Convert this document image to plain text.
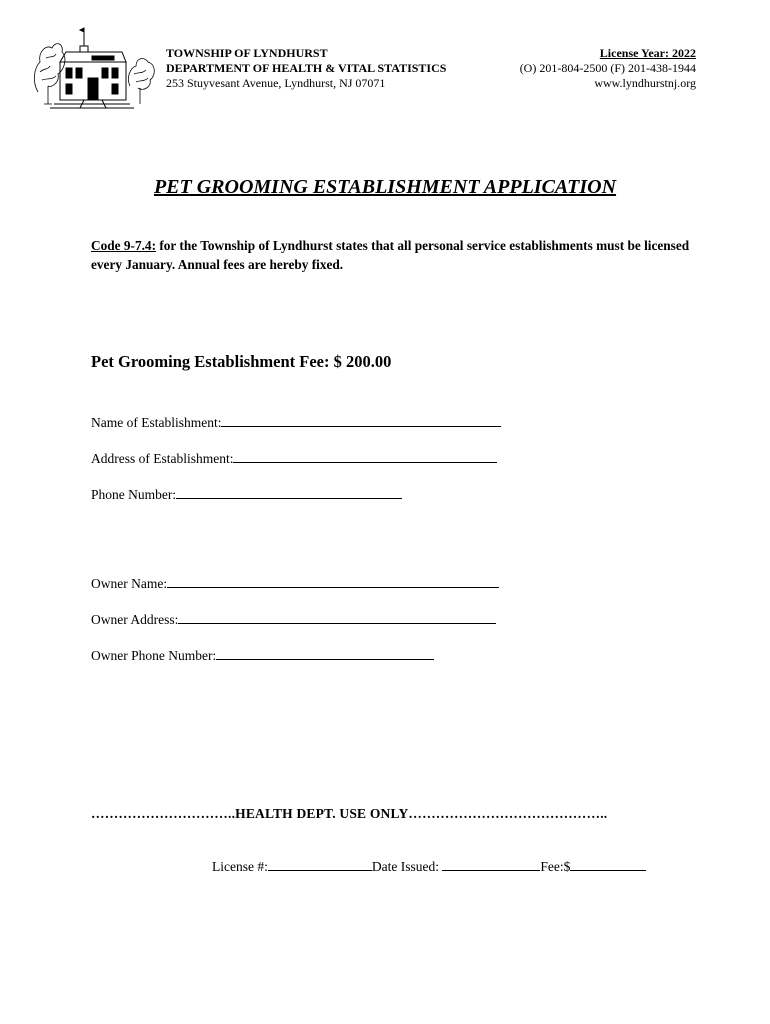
TOWNSHIP OF LYNDHURST
DEPARTMENT OF HEALTH & VITAL STATISTICS
253 Stuyvesant Avenue, Lyndhurst, NJ 07071
License Year: 2022
(O) 201-804-2500 (F) 201-438-1944
www.lyndhurstnj.org
PET GROOMING ESTABLISHMENT APPLICATION
Code 9-7.4: for the Township of Lyndhurst states that all personal service establishments must be licensed every January. Annual fees are hereby fixed.
Pet Grooming Establishment Fee: $ 200.00
Name of Establishment:
Address of Establishment:
Phone Number:
Owner Name:
Owner Address:
Owner Phone Number:
…………………………..HEALTH DEPT. USE ONLY……………………………………..
License #:	Date Issued:	Fee:$
